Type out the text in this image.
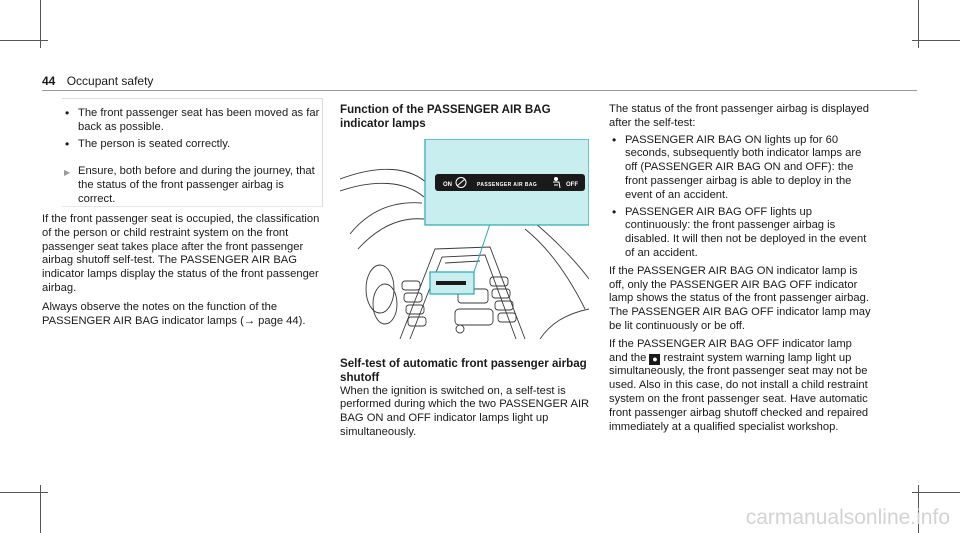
44 Occupant safety
• The front passenger seat has been moved as far back as possible.
• The person is seated correctly.
▶ Ensure, both before and during the journey, that the status of the front passenger airbag is correct.

If the front passenger seat is occupied, the classification of the person or child restraint system on the front passenger seat takes place after the front passenger airbag shutoff self-test. The PASSENGER AIR BAG indicator lamps display the status of the front passenger airbag.

Always observe the notes on the function of the PASSENGER AIR BAG indicator lamps (→ page 44).

Function of the PASSENGER AIR BAG indicator lamps
ON	PASSENGER AIR BAG	OFF
Self-test of automatic front passenger airbag shutoff

When the ignition is switched on, a self-test is performed during which the two PASSENGER AIR BAG ON and OFF indicator lamps light up simultaneously.

The status of the front passenger airbag is displayed after the self-test:

• PASSENGER AIR BAG ON lights up for 60 seconds, subsequently both indicator lamps are off (PASSENGER AIR BAG ON and OFF): the front passenger airbag is able to deploy in the event of an accident.
• PASSENGER AIR BAG OFF lights up continuously: the front passenger airbag is disabled. It will then not be deployed in the event of an accident.

If the PASSENGER AIR BAG ON indicator lamp is off, only the PASSENGER AIR BAG OFF indicator lamp shows the status of the front passenger airbag. The PASSENGER AIR BAG OFF indicator lamp may be lit continuously or be off.

If the PASSENGER AIR BAG OFF indicator lamp and the ● restraint system warning lamp light up simultaneously, the front passenger seat may not be used. Also in this case, do not install a child restraint system on the front passenger seat. Have automatic front passenger airbag shutoff checked and repaired immediately at a qualified specialist workshop.

carmanualsonline.info
